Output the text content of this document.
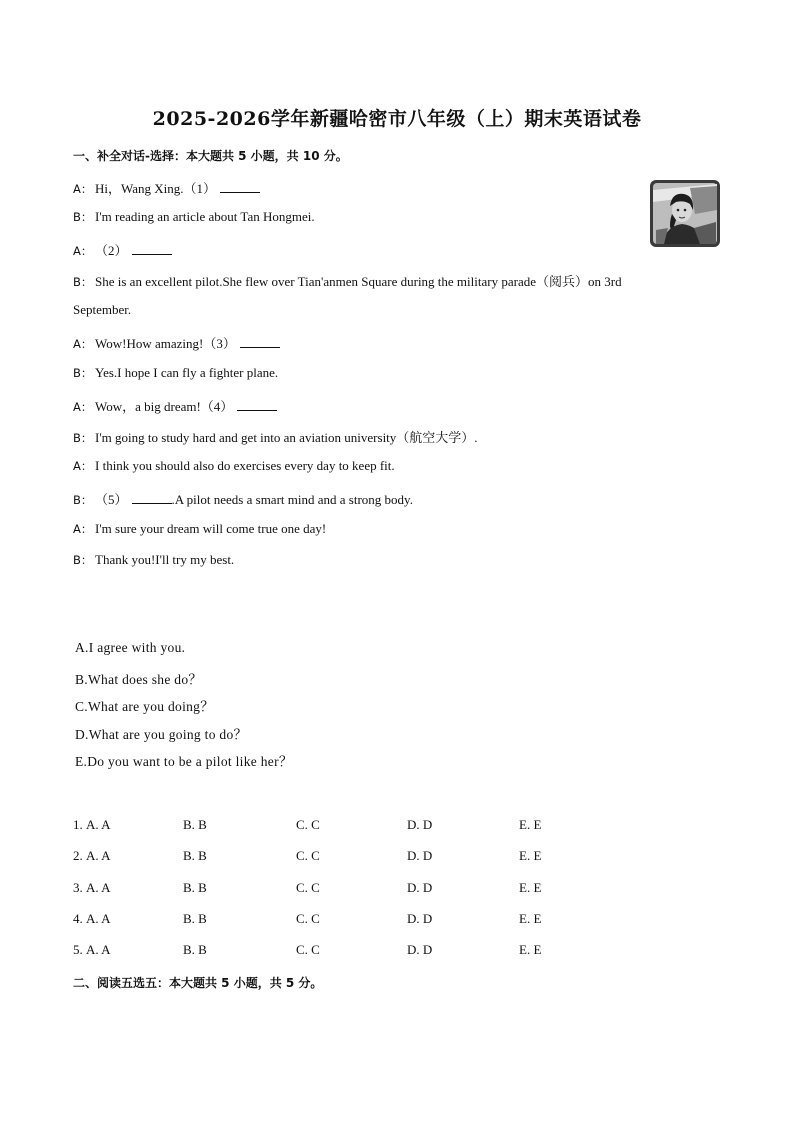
2025-2026学年新疆哈密市八年级（上）期末英语试卷
一、补全对话-选择：本大题共 5 小题，共 10 分。
A： Hi，Wang Xing.（1）
B： I'm reading an article about Tan Hongmei.
A： （2）
B： She is an excellent pilot.She flew over Tian'anmen Square during the military parade（阅兵）on 3rd
September.
A： Wow!How amazing!（3）
B： Yes.I hope I can fly a fighter plane.
A： Wow，a big dream!（4）
B： I'm going to study hard and get into an aviation university（航空大学）.
A： I think you should also do exercises every day to keep fit.
B： （5）	.A pilot needs a smart mind and a strong body.
A： I'm sure your dream will come true one day!
B： Thank you!I'll try my best.
A.I agree with you.
B.What does she do？
C.What are you doing？
D.What are you going to do？
E.Do you want to be a pilot like her？
1. A. A	B. B	C. C	D. D	E. E
2. A. A	B. B	C. C	D. D	E. E
3. A. A	B. B	C. C	D. D	E. E
4. A. A	B. B	C. C	D. D	E. E
5. A. A	B. B	C. C	D. D	E. E
二、阅读五选五：本大题共 5 小题，共 5 分。
